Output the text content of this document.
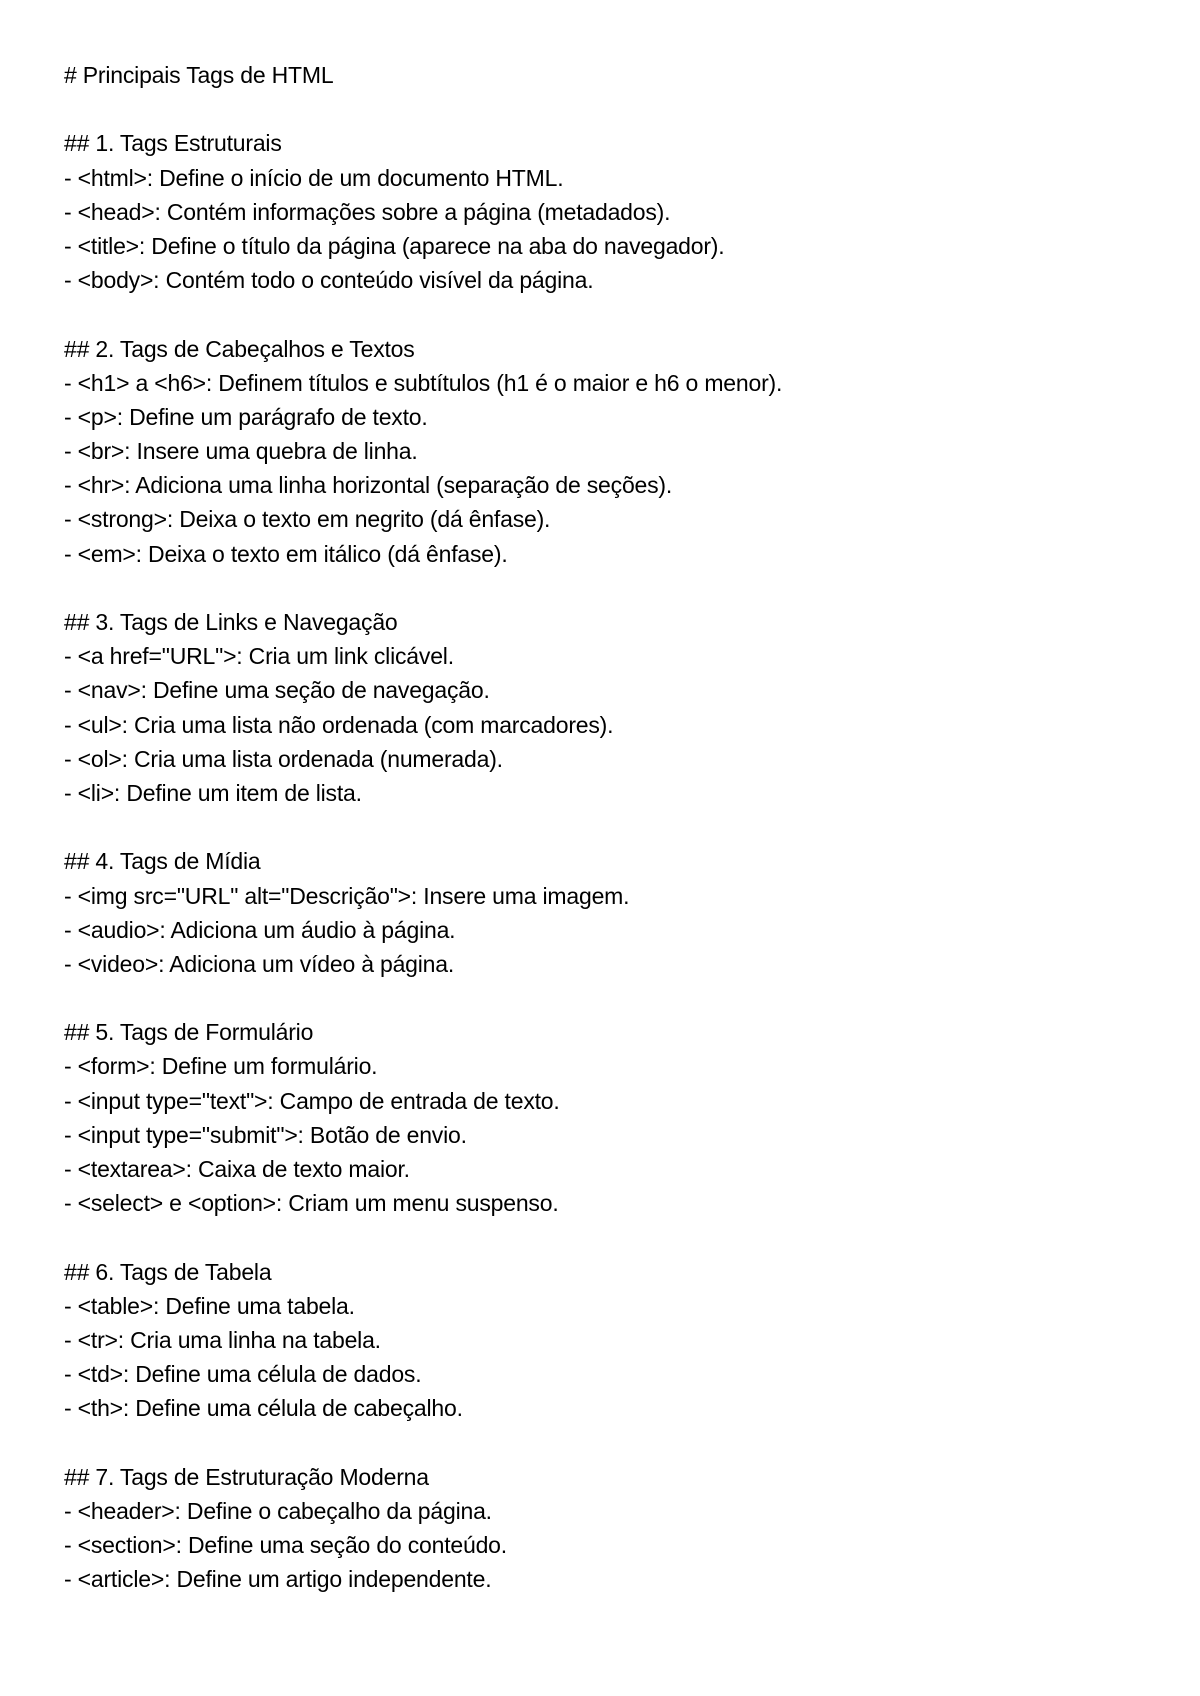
# Principais Tags de HTML
## 1. Tags Estruturais
- <html>: Define o início de um documento HTML.
- <head>: Contém informações sobre a página (metadados).
- <title>: Define o título da página (aparece na aba do navegador).
- <body>: Contém todo o conteúdo visível da página.
## 2. Tags de Cabeçalhos e Textos
- <h1> a <h6>: Definem títulos e subtítulos (h1 é o maior e h6 o menor).
- <p>: Define um parágrafo de texto.
- <br>: Insere uma quebra de linha.
- <hr>: Adiciona uma linha horizontal (separação de seções).
- <strong>: Deixa o texto em negrito (dá ênfase).
- <em>: Deixa o texto em itálico (dá ênfase).
## 3. Tags de Links e Navegação
- <a href="URL">: Cria um link clicável.
- <nav>: Define uma seção de navegação.
- <ul>: Cria uma lista não ordenada (com marcadores).
- <ol>: Cria uma lista ordenada (numerada).
- <li>: Define um item de lista.
## 4. Tags de Mídia
- <img src="URL" alt="Descrição">: Insere uma imagem.
- <audio>: Adiciona um áudio à página.
- <video>: Adiciona um vídeo à página.
## 5. Tags de Formulário
- <form>: Define um formulário.
- <input type="text">: Campo de entrada de texto.
- <input type="submit">: Botão de envio.
- <textarea>: Caixa de texto maior.
- <select> e <option>: Criam um menu suspenso.
## 6. Tags de Tabela
- <table>: Define uma tabela.
- <tr>: Cria uma linha na tabela.
- <td>: Define uma célula de dados.
- <th>: Define uma célula de cabeçalho.
## 7. Tags de Estruturação Moderna
- <header>: Define o cabeçalho da página.
- <section>: Define uma seção do conteúdo.
- <article>: Define um artigo independente.
